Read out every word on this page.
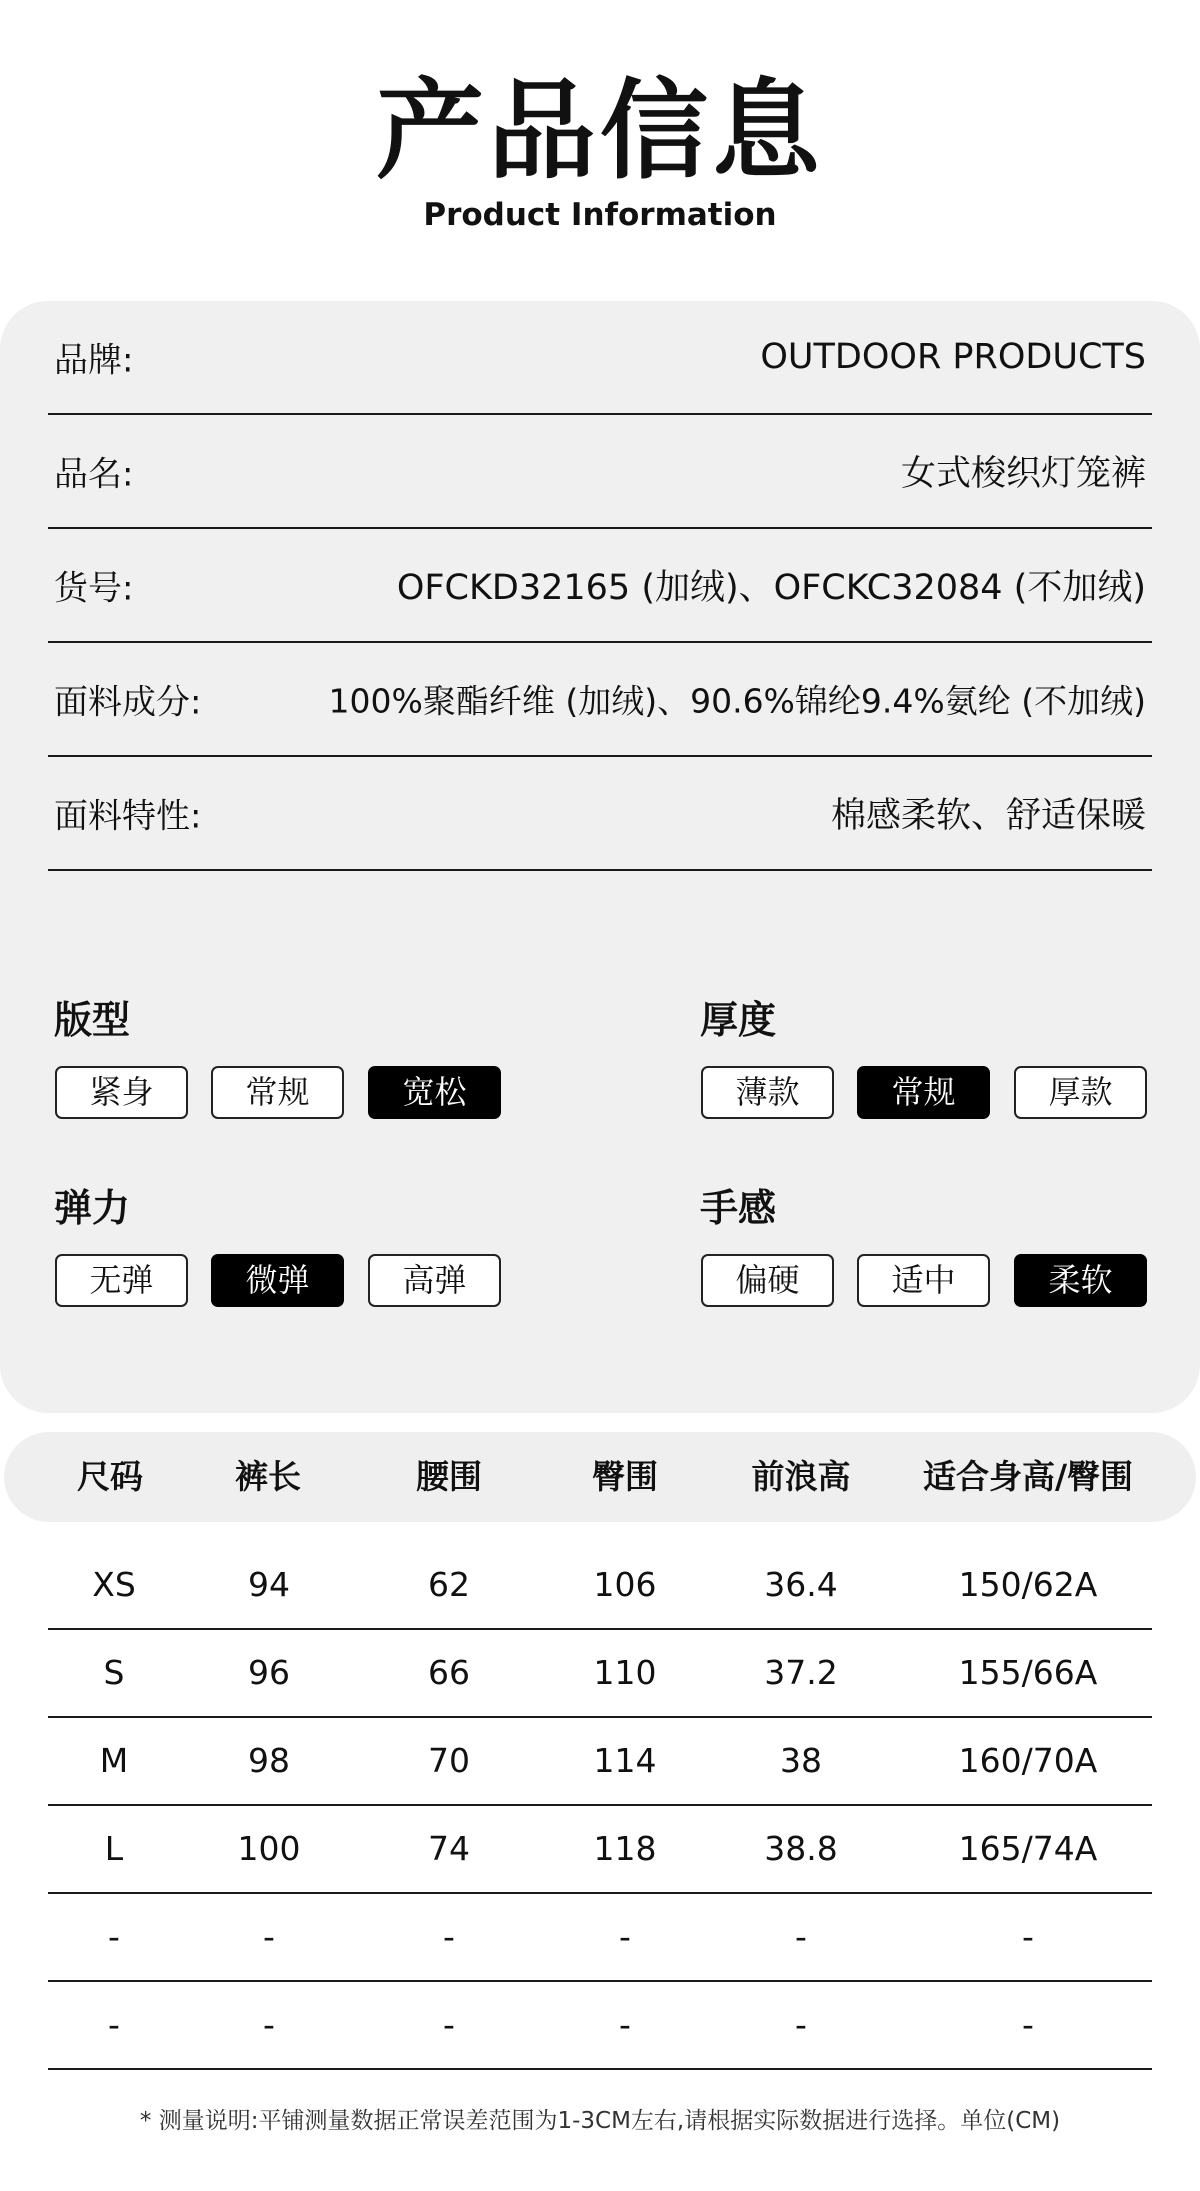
产品信息
Product Information
品牌:	OUTDOOR PRODUCTS
品名:	女式梭织灯笼裤
货号:	OFCKD32165 (加绒)、OFCKC32084 (不加绒)
面料成分:	100%聚酯纤维 (加绒)、90.6%锦纶9.4%氨纶 (不加绒)
面料特性:	棉感柔软、舒适保暖
版型
紧身	常规	宽松
厚度
薄款	常规	厚款
弹力
无弹	微弹	高弹
手感
偏硬	适中	柔软
尺码	裤长	腰围	臀围	前浪高 适合身高/臀围
XS	94	62	106	36.4	150/62A
S	96	66	110	37.2	155/66A
M	98	70	114	38	160/70A
L	100	74	118	38.8	165/74A
-	-	-	-	-	-
-	-	-	-	-	-
* 测量说明:平铺测量数据正常误差范围为1-3CM左右,请根据实际数据进行选择。单位(CM)
